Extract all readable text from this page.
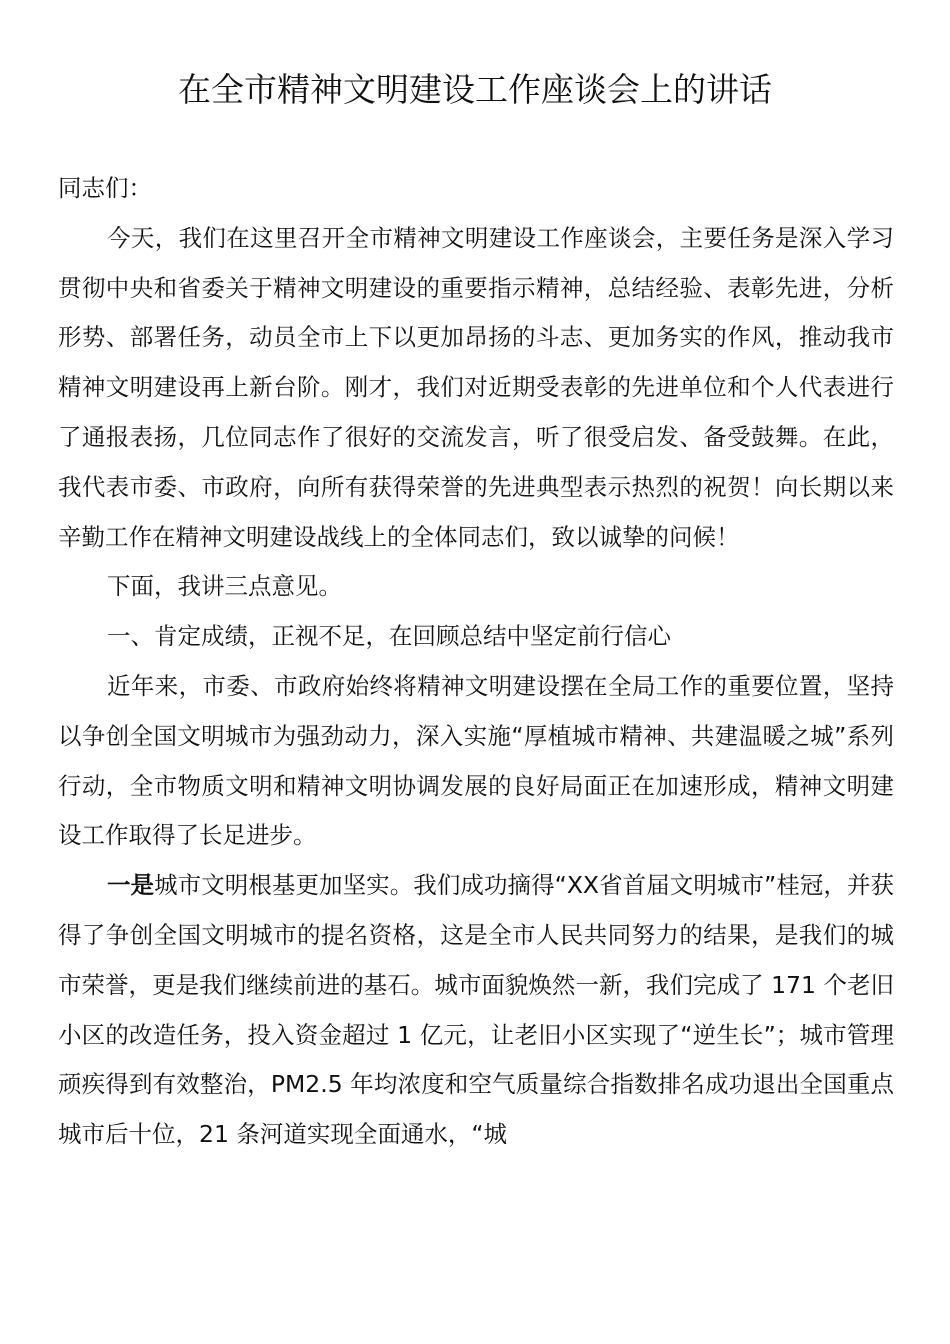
在全市精神文明建设工作座谈会上的讲话

同志们：

今天，我们在这里召开全市精神文明建设工作座谈会，主要任务是深入学习贯彻中央和省委关于精神文明建设的重要指示精神，总结经验、表彰先进，分析形势、部署任务，动员全市上下以更加昂扬的斗志、更加务实的作风，推动我市精神文明建设再上新台阶。刚才，我们对近期受表彰的先进单位和个人代表进行了通报表扬，几位同志作了很好的交流发言，听了很受启发、备受鼓舞。在此，我代表市委、市政府，向所有获得荣誉的先进典型表示热烈的祝贺！向长期以来辛勤工作在精神文明建设战线上的全体同志们，致以诚挚的问候！

下面，我讲三点意见。

一、肯定成绩，正视不足，在回顾总结中坚定前行信心

近年来，市委、市政府始终将精神文明建设摆在全局工作的重要位置，坚持以争创全国文明城市为强劲动力，深入实施“厚植城市精神、共建温暖之城”系列行动，全市物质文明和精神文明协调发展的良好局面正在加速形成，精神文明建设工作取得了长足进步。

一是城市文明根基更加坚实。我们成功摘得“XX省首届文明城市”桂冠，并获得了争创全国文明城市的提名资格，这是全市人民共同努力的结果，是我们的城市荣誉，更是我们继续前进的基石。城市面貌焕然一新，我们完成了 171 个老旧小区的改造任务，投入资金超过 1 亿元，让老旧小区实现了“逆生长”；城市管理顽疾得到有效整治，PM2.5 年均浓度和空气质量综合指数排名成功退出全国重点城市后十位，21 条河道实现全面通水，“城
